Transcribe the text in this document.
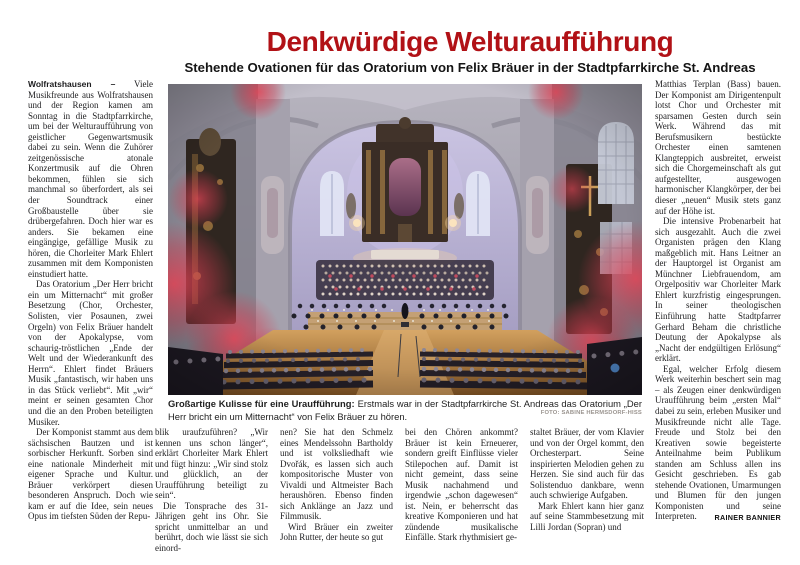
Denkwürdige Welturaufführung
Stehende Ovationen für das Oratorium von Felix Bräuer in der Stadtpfarrkirche St. Andreas

Wolfratshausen – Viele Musikfreunde aus Wolfratshausen und der Region kamen am Sonntag in die Stadtpfarrkirche, um bei der Welturaufführung von geistlicher Gegenwartsmusik dabei zu sein. Wenn die Zuhörer zeitgenössische atonale Konzertmusik auf die Ohren bekommen, fühlen sie sich manchmal so überfordert, als sei der Soundtrack einer Großbaustelle über sie drübergefahren. Doch hier war es anders. Sie bekamen eine eingängige, gefällige Musik zu hören, die Chorleiter Mark Ehlert zusammen mit dem Komponisten einstudiert hatte.

Das Oratorium „Der Herr bricht ein um Mitternacht“ mit großer Besetzung (Chor, Orchester, Solisten, vier Posaunen, zwei Orgeln) von Felix Bräuer handelt von der Apokalypse, vom schaurig-tröstlichen „Ende der Welt und der Wiederankunft des Herrn“. Ehlert findet Bräuers Musik „fantastisch, wir haben uns in das Stück verliebt“. Mit „wir“ meint er seinen gesamten Chor und die an den Proben beteiligten Musiker.

Der Komponist stammt aus dem sächsischen Bautzen und ist sorbischer Herkunft. Sorben sind eine nationale Minderheit mit eigener Sprache und Kultur. Bräuer verkörpert diesen besonderen Anspruch. Doch wie kam er auf die Idee, sein neues Opus im tiefsten Süden der Repu-

Großartige Kulisse für eine Uraufführung: Erstmals war in der Stadtpfarrkirche St. Andreas das Oratorium „Der Herr bricht ein um Mitternacht“ von Felix Bräuer zu hören.	FOTO: SABINE HERMSDORF-HISS

blik uraufzuführen? „Wir kennen uns schon länger“, erklärt Chorleiter Mark Ehlert und fügt hinzu: „Wir sind stolz und glücklich, an der Uraufführung beteiligt zu sein“.

Die Tonsprache des 31-Jährigen geht ins Ohr. Sie spricht unmittelbar an und berührt, doch wie lässt sie sich einord-

nen? Sie hat den Schmelz eines Mendelssohn Bartholdy und ist volksliedhaft wie Dvořák, es lassen sich auch kompositorische Muster von Vivaldi und Altmeister Bach heraushören. Ebenso finden sich Anklänge an Jazz und Filmmusik.

Wird Bräuer ein zweiter John Rutter, der heute so gut

bei den Chören ankommt? Bräuer ist kein Erneuerer, sondern greift Einflüsse vieler Stilepochen auf. Damit ist nicht gemeint, dass seine Musik nachahmend und irgendwie „schon dagewesen“ ist. Nein, er beherrscht das kreative Komponieren und hat zündende musikalische Einfälle. Stark rhythmisiert ge-

staltet Bräuer, der vom Klavier und von der Orgel kommt, den Orchesterpart. Seine inspirierten Melodien gehen zu Herzen. Sie sind auch für das Solistenduo dankbare, wenn auch schwierige Aufgaben.

Mark Ehlert kann hier ganz auf seine Stammbesetzung mit Lilli Jordan (Sopran) und

Matthias Terplan (Bass) bauen. Der Komponist am Dirigentenpult lotst Chor und Orchester mit sparsamen Gesten durch sein Werk. Während das mit Berufsmusikern bestückte Orchester einen samtenen Klangteppich ausbreitet, erweist sich die Chorgemeinschaft als gut aufgestellter, ausgewogen harmonischer Klangkörper, der bei dieser „neuen“ Musik stets ganz auf der Höhe ist.

Die intensive Probenarbeit hat sich ausgezahlt. Auch die zwei Organisten prägen den Klang maßgeblich mit. Hans Leitner an der Hauptorgel ist Organist am Münchner Liebfrauendom, am Orgelpositiv war Chorleiter Mark Ehlert kurzfristig eingesprungen. In seiner theologischen Einführung hatte Stadtpfarrer Gerhard Beham die christliche Deutung der Apokalypse als „Nacht der endgültigen Erlösung“ erklärt.

Egal, welcher Erfolg diesem Werk weiterhin beschert sein mag – als Zeugen einer denkwürdigen Uraufführung beim „ersten Mal“ dabei zu sein, erleben Musiker und Musikfreunde nicht alle Tage. Freude und Stolz bei den Kreativen sowie begeisterte Anteilnahme beim Publikum standen am Schluss allen ins Gesicht geschrieben. Es gab stehende Ovationen, Umarmungen und Blumen für den jungen Komponisten und seine Interpreten.	RAINER BANNIER
